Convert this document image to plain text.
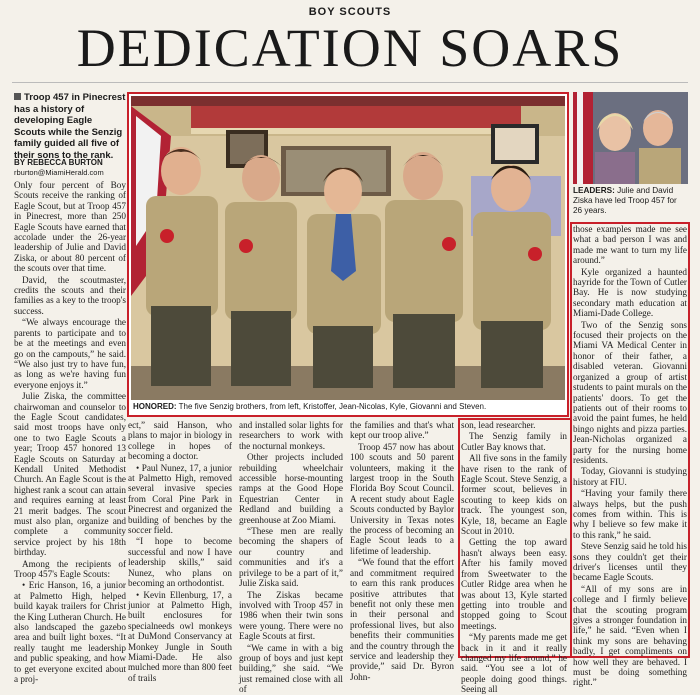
BOY SCOUTS
DEDICATION SOARS
Troop 457 in Pinecrest has a history of developing Eagle Scouts while the Senzig family guided all five of their sons to the rank.
BY REBECCA BURTON
rburton@MiamiHerald.com

Only four percent of Boy Scouts receive the ranking of Eagle Scout, but at Troop 457 in Pinecrest, more than 250 Eagle Scouts have earned that accolade under the 26-year leadership of Julie and David Ziska, or about 80 percent of the scouts over that time.

David, the scoutmaster, credits the scouts and their families as a key to the troop's success.

“We always encourage the parents to participate and to be at the meetings and even go on the campouts,” he said. “We also just try to have fun, as long as we're having fun everyone enjoys it.”

Julie Ziska, the committee chairwoman and counselor to the Eagle Scout candidates, said most troops have only one to two Eagle Scouts a year; Troop 457 honored 13 Eagle Scouts on Saturday at Kendall United Methodist Church. An Eagle Scout is the highest rank a scout can attain and requires earning at least 21 merit badges. The scout must also plan, organize and complete a community service project by his 18th birthday.

Among the recipients of Troop 457's Eagle Scouts:

• Eric Hanson, 16, a junior at Palmetto High, helped build kayak trailers for Christ the King Lutheran Church. He also landscaped the gazebo area and built light boxes. “It really taught me leadership and public speaking, and how to get everyone excited about a proj-

HONORED: The five Senzig brothers, from left, Kristoffer, Jean-Nicolas, Kyle, Giovanni and Steven.
LEADERS: Julie and David Ziska have led Troop 457 for 26 years.

those examples made me see what a bad person I was and made me want to turn my life around.”

Kyle organized a haunted hayride for the Town of Cutler Bay. He is now studying secondary math education at Miami-Dade College.

Two of the Senzig sons focused their projects on the Miami VA Medical Center in honor of their father, a disabled veteran. Giovanni organized a group of artist students to paint murals on the patients' doors. To get the patients out of their rooms to avoid the paint fumes, he held bingo nights and pizza parties. Jean-Nicholas organized a party for the nursing home residents.

Today, Giovanni is studying history at FIU.

“Having your family there always helps, but the push comes from within. This is why I believe so few make it to this rank,” he said.

Steve Senzig said he told his sons they couldn't get their driver's licenses until they became Eagle Scouts.

“All of my sons are in college and I firmly believe that the scouting program gives a stronger foundation in life,” he said. “Even when I think my sons are behaving badly, I get compliments on how well they are behaved. I must be doing something right.”

ect,” said Hanson, who plans to major in biology in college in hopes of becoming a doctor.

• Paul Nunez, 17, a junior at Palmetto High, removed several invasive species from Coral Pine Park in Pinecrest and organized the building of benches by the soccer field.

“I hope to become successful and now I have leadership skills,” said Nunez, who plans on becoming an orthodontist.

• Kevin Ellenburg, 17, a junior at Palmetto High, built enclosures for specialneeds owl monkeys at DuMond Conservancy at Monkey Jungle in South Miami-Dade. He also mulched more than 800 feet of trails

and installed solar lights for researchers to work with the nocturnal monkeys.

Other projects included rebuilding wheelchair accessible horse-mounting ramps at the Good Hope Equestrian Center in Redland and building a greenhouse at Zoo Miami.

“These men are really becoming the shapers of our country and communities and it's a privilege to be a part of it,” Julie Ziska said.

The Ziskas became involved with Troop 457 in 1986 when their twin sons were young. There were no Eagle Scouts at first.

“We came in with a big group of boys and just kept building,” she said. “We just remained close with all of

the families and that's what kept our troop alive.”

Troop 457 now has about 100 scouts and 50 parent volunteers, making it the largest troop in the South Florida Boy Scout Council. A recent study about Eagle Scouts conducted by Baylor University in Texas notes the process of becoming an Eagle Scout leads to a lifetime of leadership.

“We found that the effort and commitment required to earn this rank produces positive attributes that benefit not only these men in their personal and professional lives, but also benefits their communities and the country through the service and leadership they provide,” said Dr. Byron John-

son, lead researcher.

The Senzig family in Cutler Bay knows that.

All five sons in the family have risen to the rank of Eagle Scout. Steve Senzig, a former scout, believes in scouting to keep kids on track. The youngest son, Kyle, 18, became an Eagle Scout in 2010.

Getting the top award hasn't always been easy. After his family moved from Sweetwater to the Cutler Ridge area when he was about 13, Kyle started getting into trouble and stopped going to Scout meetings.

“My parents made me get back in it and it really changed my life around,” he said. “You see a lot of people doing good things. Seeing all
